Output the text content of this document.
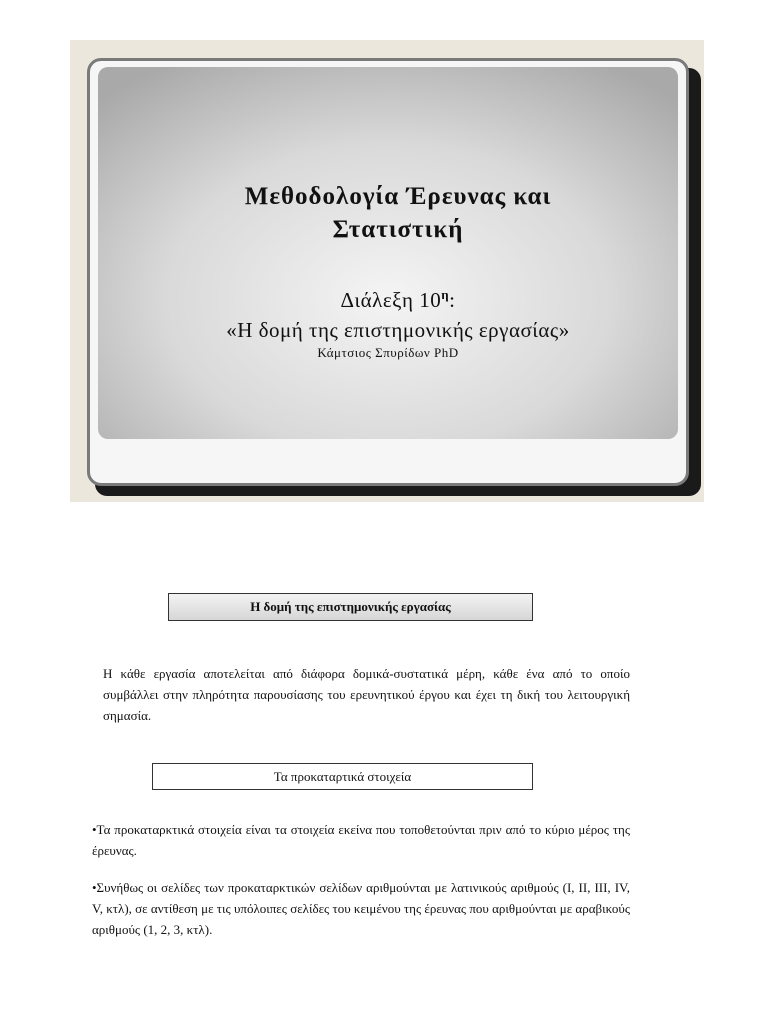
Μεθοδολογία Έρευνας και
Στατιστική
Διάλεξη $10^\eta$:
«Η δομή της επιστημονικής εργασίας»
Κάμτσιος Σπυρίδων PhD
Η δομή της επιστημονικής εργασίας
Η κάθε εργασία αποτελείται από διάφορα δομικά-συστατικά μέρη, κάθε ένα από το οποίο συμβάλλει στην πληρότητα παρουσίασης του ερευνητικού έργου και έχει τη δική του λειτουργική σημασία.
Τα προκαταρτικά στοιχεία
•Τα προκαταρκτικά στοιχεία είναι τα στοιχεία εκείνα που τοποθετούνται πριν από το κύριο μέρος της έρευνας.
•Συνήθως οι σελίδες των προκαταρκτικών σελίδων αριθμούνται με λατινικούς αριθμούς (I, II, III, IV, V, κτλ), σε αντίθεση με τις υπόλοιπες σελίδες του κειμένου της έρευνας που αριθμούνται με αραβικούς αριθμούς (1, 2, 3, κτλ).
